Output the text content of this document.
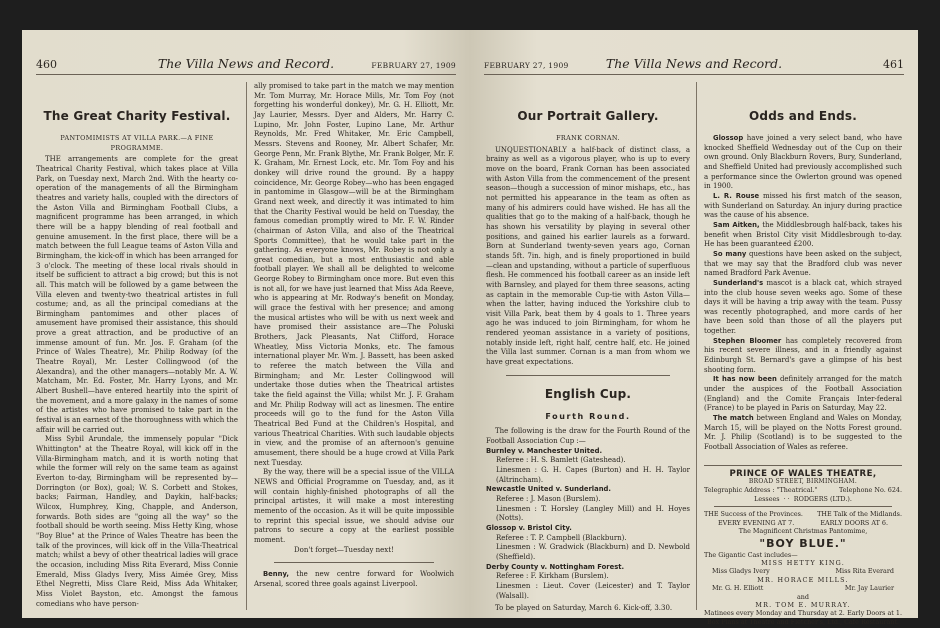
460	The Villa News and Record.	FEBRUARY 27, 1909
The Great Charity Festival.

PANTOMIMISTS AT VILLA PARK.—A FINE PROGRAMME.

THE arrangements are complete for the great Theatrical Charity Festival, which takes place at Villa Park, on Tuesday next, March 2nd. With the hearty co-operation of the managements of all the Birmingham theatres and variety halls, coupled with the directors of the Aston Villa and Birmingham Football Clubs, a magnificent programme has been arranged, in which there will be a happy blending of real football and genuine amusement. In the first place, there will be a match between the full League teams of Aston Villa and Birmingham, the kick-off in which has been arranged for 3 o'clock. The meeting of these local rivals should in itself be sufficient to attract a big crowd; but this is not all. This match will be followed by a game between the Villa eleven and twenty-two theatrical artistes in full costume; and, as all the principal comedians at the Birmingham pantomimes and other places of amusement have promised their assistance, this should prove a great attraction, and be productive of an immense amount of fun. Mr. Jos. F. Graham (of the Prince of Wales Theatre), Mr. Philip Rodway (of the Theatre Royal), Mr. Lester Collingwood (of the Alexandra), and the other managers—notably Mr. A. W. Matcham, Mr. Ed. Foster, Mr. Harry Lyons, and Mr. Albert Bushell—have entered heartily into the spirit of the movement, and a more galaxy in the names of some of the artistes who have promised to take part in the festival is an earnest of the thoroughness with which the affair will be carried out.

Miss Sybil Arundale, the immensely popular "Dick Whittington" at the Theatre Royal, will kick off in the Villa-Birmingham match, and it is worth noting that while the former will rely on the same team as against Everton to-day, Birmingham will be represented by—Dorrington (or Box), goal; W. S. Corbett and Stokes, backs; Fairman, Handley, and Daykin, half-backs; Wilcox, Humphrey, King, Chapple, and Anderson, forwards. Both sides are "going all the way" so the football should be worth seeing. Miss Hetty King, whose "Boy Blue" at the Prince of Wales Theatre has been the talk of the provinces, will kick off in the Villa-Theatrical match; whilst a bevy of other theatrical ladies will grace the occasion, including Miss Rita Everard, Miss Connie Emerald, Miss Gladys Ivery, Miss Aimée Grey, Miss Ethel Negretti, Miss Clare Reid, Miss Ada Whitaker, Miss Violet Bayston, etc. Amongst the famous comedians who have person-

ally promised to take part in the match we may mention Mr. Tom Murray, Mr. Horace Mills, Mr. Tom Foy (not forgetting his wonderful donkey), Mr. G. H. Elliott, Mr. Jay Laurier, Messrs. Dyer and Alders, Mr. Harry C. Lupino, Mr. John Foster, Lupino Lane, Mr. Arthur Reynolds, Mr. Fred Whitaker, Mr. Eric Campbell, Messrs. Stevens and Rooney, Mr. Albert Schafer, Mr. George Penn, Mr. Frank Blythe, Mr. Frank Bolger, Mr. F. K. Graham, Mr. Ernest Lock, etc. Mr. Tom Foy and his donkey will drive round the ground. By a happy coincidence, Mr. George Robey—who has been engaged in pantomime in Glasgow—will be at the Birmingham Grand next week, and directly it was intimated to him that the Charity Festival would be held on Tuesday, the famous comedian promptly wired to Mr. F. W. Rinder (chairman of Aston Villa, and also of the Theatrical Sports Committee), that he would take part in the gathering. As everyone knows, Mr. Robey is not only a great comedian, but a most enthusiastic and able football player. We shall all be delighted to welcome George Robey to Birmingham once more. But even this is not all, for we have just learned that Miss Ada Reeve, who is appearing at Mr. Rodway's benefit on Monday, will grace the festival with her presence; and among the musical artistes who will be with us next week and have promised their assistance are—The Poluski Brothers, Jack Pleasants, Nat Clifford, Horace Wheatley, Miss Victoria Monks, etc. The famous international player Mr. Wm. J. Bassett, has been asked to referee the match between the Villa and Birmingham; and Mr. Lester Collingwood will undertake those duties when the Theatrical artistes take the field against the Villa; whilst Mr. J. F. Graham and Mr. Philip Rodway will act as linesmen. The entire proceeds will go to the fund for the Aston Villa Theatrical Bed Fund at the Children's Hospital, and various Theatrical Charities. With such laudable objects in view, and the promise of an afternoon's genuine amusement, there should be a huge crowd at Villa Park next Tuesday.

By the way, there will be a special issue of the VILLA NEWS and Official Programme on Tuesday, and, as it will contain highly-finished photographs of all the principal artistes, it will make a most interesting memento of the occasion. As it will be quite impossible to reprint this special issue, we should advise our patrons to secure a copy at the earliest possible moment.

Don't forget—Tuesday next!

Benny, the new centre forward for Woolwich Arsenal, scored three goals against Liverpool.

FEBRUARY 27, 1909	The Villa News and Record.	461
Our Portrait Gallery.

FRANK CORNAN.

UNQUESTIONABLY a half-back of distinct class, a brainy as well as a vigorous player, who is up to every move on the board, Frank Cornan has been associated with Aston Villa from the commencement of the present season—though a succession of minor mishaps, etc., has not permitted his appearance in the team as often as many of his admirers could have wished. He has all the qualities that go to the making of a half-back, though he has shown his versatility by playing in several other positions, and gained his earlier laurels as a forward. Born at Sunderland twenty-seven years ago, Cornan stands 5ft. 7in. high, and is finely proportioned in build —clean and upstanding, without a particle of superfluous flesh. He commenced his football career as an inside left with Barnsley, and played for them three seasons, acting as captain in the memorable Cup-tie with Aston Villa—when the latter, having induced the Yorkshire club to visit Villa Park, beat them by 4 goals to 1. Three years ago he was induced to join Birmingham, for whom he rendered yeoman assistance in a variety of positions, notably inside left, right half, centre half, etc. He joined the Villa last summer. Cornan is a man from whom we have great expectations.

English Cup.
Fourth Round.

The following is the draw for the Fourth Round of the Football Association Cup :—

Burnley v. Manchester United.

Referee : H. S. Bamlett (Gateshead).

Linesmen : G. H. Capes (Burton) and H. H. Taylor (Altrincham).

Newcastle United v. Sunderland.

Referee : J. Mason (Burslem).

Linesmen : T. Horsley (Langley Mill) and H. Hoyes (Notts).

Glossop v. Bristol City.

Referee : T. P. Campbell (Blackburn).

Linesmen : W. Gradwick (Blackburn) and D. Newbold (Sheffield).

Derby County v. Nottingham Forest.

Referee : F. Kirkham (Burslem).

Linesmen : Lieut. Cover (Leicester) and T. Taylor (Walsall).

To be played on Saturday, March 6. Kick-off, 3.30.

Odds and Ends.

Glossop have joined a very select band, who have knocked Sheffield Wednesday out of the Cup on their own ground. Only Blackburn Rovers, Bury, Sunderland, and Sheffield United had previously accomplished such a performance since the Owlerton ground was opened in 1900.

L. R. Rouse missed his first match of the season, with Sunderland on Saturday. An injury during practice was the cause of his absence.

Sam Aitken, the Middlesbrough half-back, takes his benefit when Bristol City visit Middlesbrough to-day. He has been guaranteed £200.

So many questions have been asked on the subject, that we may say that the Bradford club was never named Bradford Park Avenue.

Sunderland's mascot is a black cat, which strayed into the club house seven weeks ago. Some of these days it will be having a trip away with the team. Pussy was recently photographed, and more cards of her have been sold than those of all the players put together.

Stephen Bloomer has completely recovered from his recent severe illness, and in a friendly against Edinburgh St. Bernard's gave a glimpse of his best shooting form.

It has now been definitely arranged for the match under the auspices of the Football Association (England) and the Comite Français Inter-federal (France) to be played in Paris on Saturday, May 22.

The match between England and Wales on Monday, March 15, will be played on the Notts Forest ground. Mr. J. Philip (Scotland) is to be suggested to the Football Association of Wales as referee.

PRINCE OF WALES THEATRE,
BROAD STREET, BIRMINGHAM.
Telegraphic Address : "Theatrical."	Telephone No. 624.
Lessees  · ·  RODGERS (LTD.).
THE Success of the Provinces. THE Talk of the Midlands.
EVERY EVENING AT 7.	EARLY DOORS AT 6.
The Magnificent Christmas Pantomime,
"BOY BLUE."
The Gigantic Cast includes—
MISS HETTY KING.
Miss Gladys Ivery	Miss Rita Everard
MR. HORACE MILLS.
Mr. G. H. Elliott	Mr. Jay Laurier
and
MR. TOM E. MURRAY.
Matinees every Monday and Thursday at 2. Early Doors at 1.
Box Plans at Theatre and Fletcher's, Ltd., Cafe Restaurant.
